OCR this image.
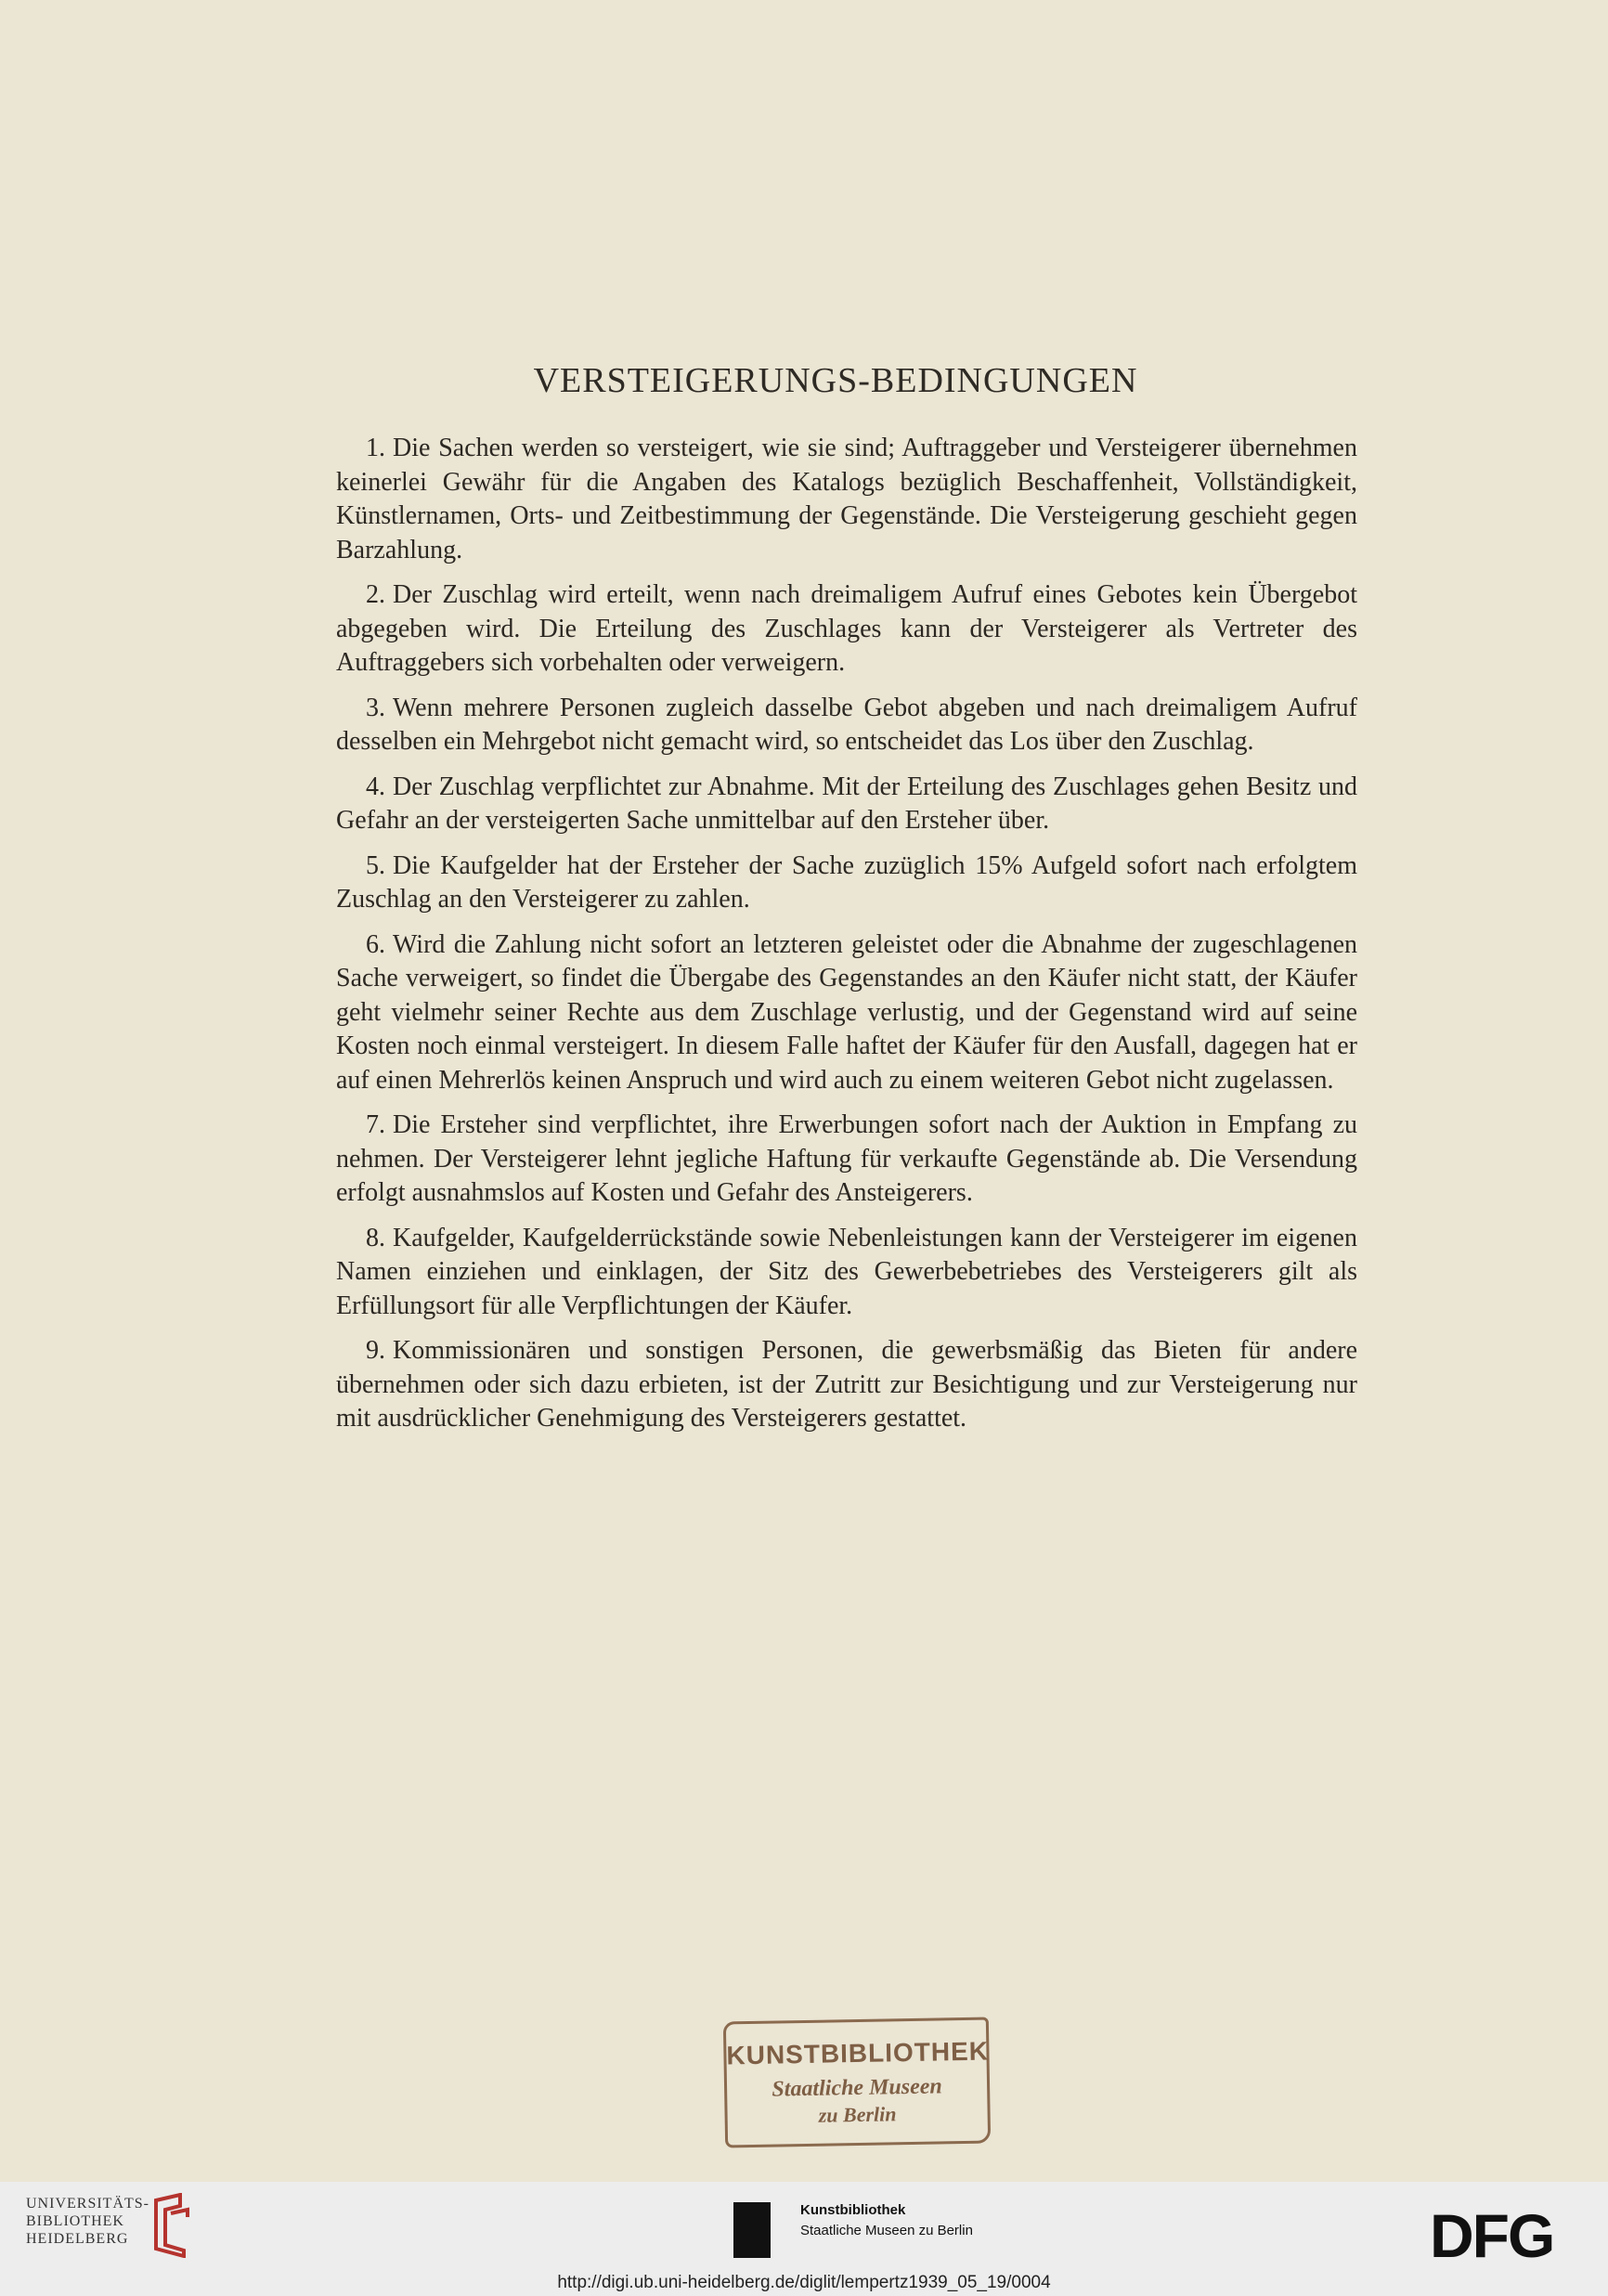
VERSTEIGERUNGS-BEDINGUNGEN

1. Die Sachen werden so versteigert, wie sie sind; Auftraggeber und Versteigerer übernehmen keinerlei Gewähr für die Angaben des Katalogs bezüglich Beschaffenheit, Vollständigkeit, Künstlernamen, Orts- und Zeitbestimmung der Gegenstände. Die Versteigerung geschieht gegen Barzahlung.

2. Der Zuschlag wird erteilt, wenn nach dreimaligem Aufruf eines Gebotes kein Übergebot abgegeben wird. Die Erteilung des Zuschlages kann der Versteigerer als Vertreter des Auftraggebers sich vorbehalten oder verweigern.

3. Wenn mehrere Personen zugleich dasselbe Gebot abgeben und nach dreimaligem Aufruf desselben ein Mehrgebot nicht gemacht wird, so entscheidet das Los über den Zuschlag.

4. Der Zuschlag verpflichtet zur Abnahme. Mit der Erteilung des Zuschlages gehen Besitz und Gefahr an der versteigerten Sache unmittelbar auf den Ersteher über.

5. Die Kaufgelder hat der Ersteher der Sache zuzüglich 15% Aufgeld sofort nach erfolgtem Zuschlag an den Versteigerer zu zahlen.

6. Wird die Zahlung nicht sofort an letzteren geleistet oder die Abnahme der zugeschlagenen Sache verweigert, so findet die Übergabe des Gegenstandes an den Käufer nicht statt, der Käufer geht vielmehr seiner Rechte aus dem Zuschlage verlustig, und der Gegenstand wird auf seine Kosten noch einmal versteigert. In diesem Falle haftet der Käufer für den Ausfall, dagegen hat er auf einen Mehrerlös keinen Anspruch und wird auch zu einem weiteren Gebot nicht zugelassen.

7. Die Ersteher sind verpflichtet, ihre Erwerbungen sofort nach der Auktion in Empfang zu nehmen. Der Versteigerer lehnt jegliche Haftung für verkaufte Gegenstände ab. Die Versendung erfolgt ausnahmslos auf Kosten und Gefahr des Ansteigerers.

8. Kaufgelder, Kaufgelderrückstände sowie Nebenleistungen kann der Versteigerer im eigenen Namen einziehen und einklagen, der Sitz des Gewerbebetriebes des Versteigerers gilt als Erfüllungsort für alle Verpflichtungen der Käufer.

9. Kommissionären und sonstigen Personen, die gewerbsmäßig das Bieten für andere übernehmen oder sich dazu erbieten, ist der Zutritt zur Besichtigung und zur Versteigerung nur mit ausdrücklicher Genehmigung des Versteigerers gestattet.

KUNSTBIBLIOTHEK
Staatliche Museen
zu Berlin
UNIVERSITÄTS-
BIBLIOTHEK
HEIDELBERG
Kunstbibliothek
Staatliche Museen zu Berlin	DFG
http://digi.ub.uni-heidelberg.de/diglit/lempertz1939_05_19/0004
